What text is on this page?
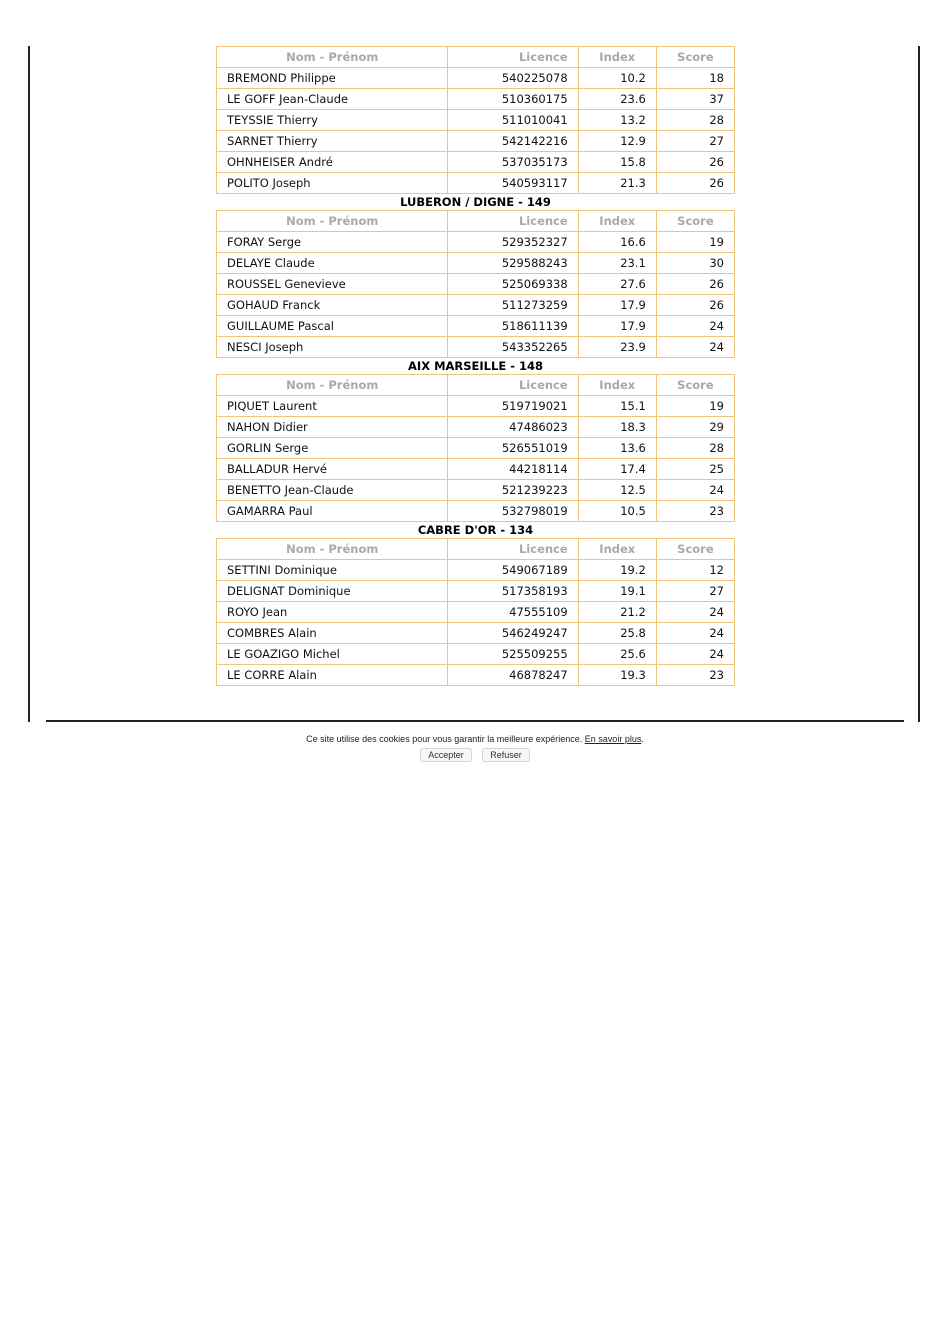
Nom - Prénom	Licence	Index	Score
BREMOND Philippe	540225078	10.2	18
LE GOFF Jean-Claude	510360175	23.6	37
TEYSSIE Thierry	511010041	13.2	28
SARNET Thierry	542142216	12.9	27
OHNHEISER André	537035173	15.8	26
POLITO Joseph	540593117	21.3	26
LUBERON / DIGNE - 149
Nom - Prénom	Licence	Index	Score
FORAY Serge	529352327	16.6	19
DELAYE Claude	529588243	23.1	30
ROUSSEL Genevieve	525069338	27.6	26
GOHAUD Franck	511273259	17.9	26
GUILLAUME Pascal	518611139	17.9	24
NESCI Joseph	543352265	23.9	24
AIX MARSEILLE - 148
Nom - Prénom	Licence	Index	Score
PIQUET Laurent	519719021	15.1	19
NAHON Didier	47486023	18.3	29
GORLIN Serge	526551019	13.6	28
BALLADUR Hervé	44218114	17.4	25
BENETTO Jean-Claude	521239223	12.5	24
GAMARRA Paul	532798019	10.5	23
CABRE D'OR - 134
Nom - Prénom	Licence	Index	Score
SETTINI Dominique	549067189	19.2	12
DELIGNAT Dominique	517358193	19.1	27
ROYO Jean	47555109	21.2	24
COMBRES Alain	546249247	25.8	24
LE GOAZIGO Michel	525509255	25.6	24
LE CORRE Alain	46878247	19.3	23
Ce site utilise des cookies pour vous garantir la meilleure expérience. En savoir plus.
Accepter	Refuser
